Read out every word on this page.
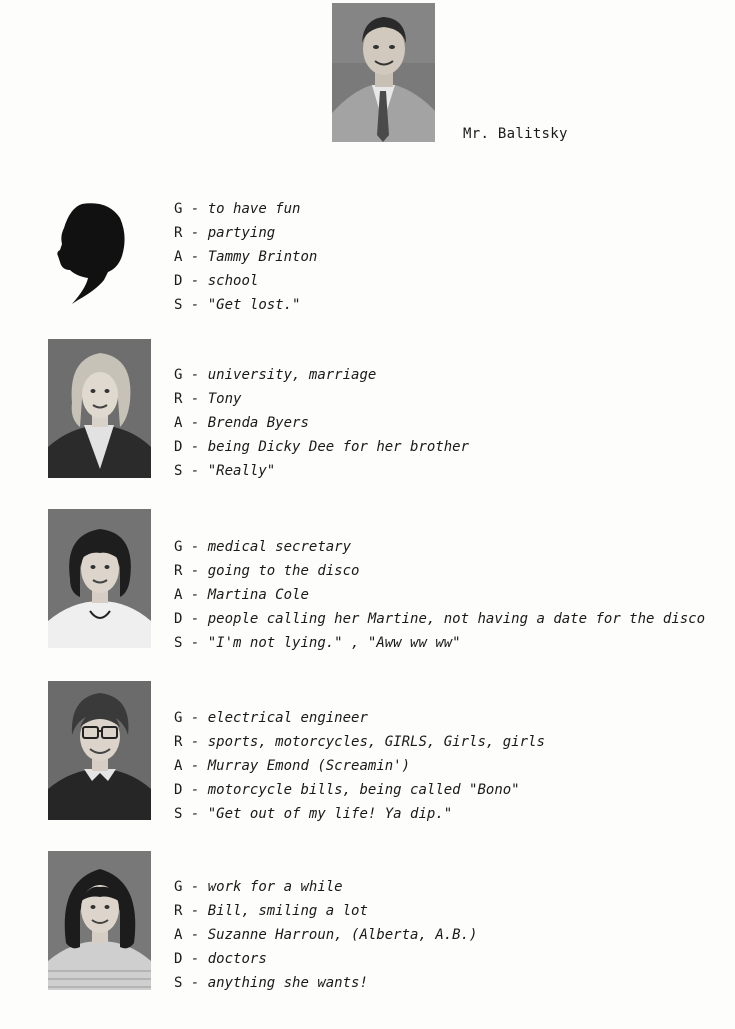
Mr. Balitsky
G - to have fun
R - partying
A - Tammy Brinton
D - school
S - "Get lost."
G - university, marriage
R - Tony
A - Brenda Byers
D - being Dicky Dee for her brother
S - "Really"
G - medical secretary
R - going to the disco
A - Martina Cole
D - people calling her Martine, not having a date for the disco
S - "I'm not lying." , "Aww ww ww"
G - electrical engineer
R - sports, motorcycles, GIRLS, Girls, girls
A - Murray Emond (Screamin')
D - motorcycle bills, being called "Bono"
S - "Get out of my life! Ya dip."
G - work for a while
R - Bill, smiling a lot
A - Suzanne Harroun, (Alberta, A.B.)
D - doctors
S - anything she wants!
